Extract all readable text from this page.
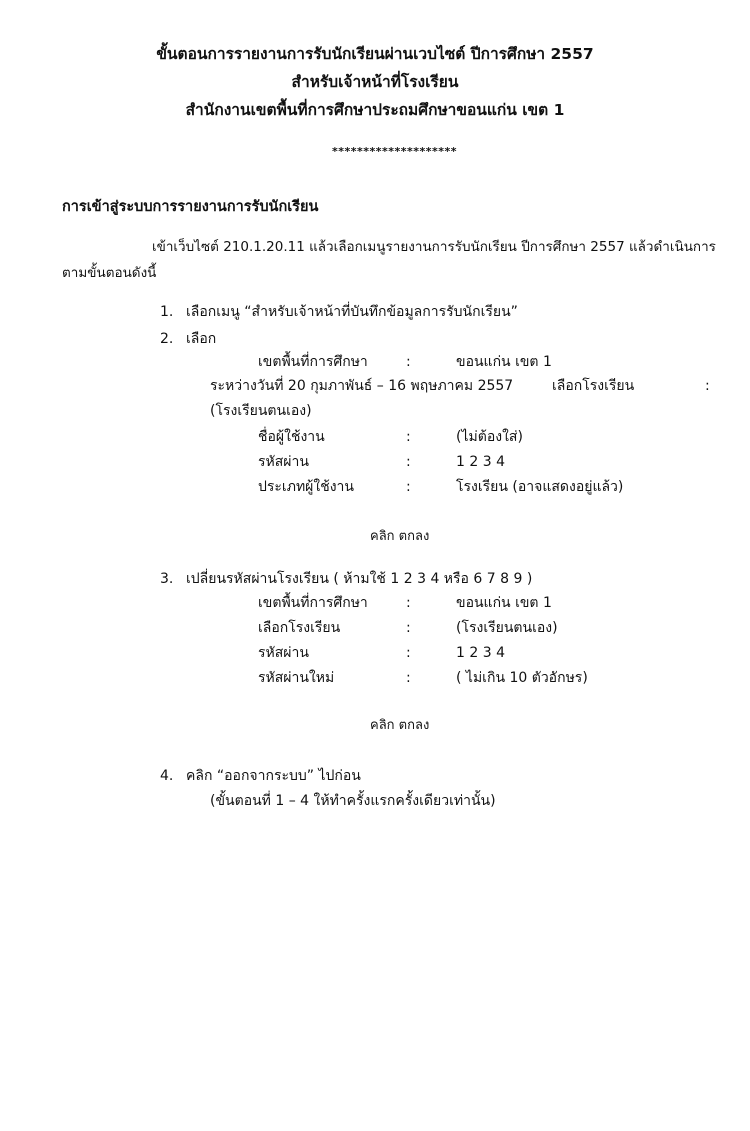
ขั้นตอนการรายงานการรับนักเรียนผ่านเวบไซต์ ปีการศึกษา 2557
สำหรับเจ้าหน้าที่โรงเรียน
สำนักงานเขตพื้นที่การศึกษาประถมศึกษาขอนแก่น เขต 1
********************
การเข้าสู่ระบบการรายงานการรับนักเรียน
เข้าเว็บไซต์ 210.1.20.11 แล้วเลือกเมนูรายงานการรับนักเรียน ปีการศึกษา 2557 แล้วดำเนินการ
ตามขั้นตอนดังนี้
1. เลือกเมนู “สำหรับเจ้าหน้าที่บันทึกข้อมูลการรับนักเรียน”
2. เลือก
เขตพื้นที่การศึกษา	:	ขอนแก่น เขต 1
ระหว่างวันที่ 20 กุมภาพันธ์ – 16 พฤษภาคม 2557	เลือกโรงเรียน	:
(โรงเรียนตนเอง)
ชื่อผู้ใช้งาน	:	(ไม่ต้องใส่)
รหัสผ่าน	:	1 2 3 4
ประเภทผู้ใช้งาน	:	โรงเรียน (อาจแสดงอยู่แล้ว)
คลิก ตกลง
3. เปลี่ยนรหัสผ่านโรงเรียน ( ห้ามใช้ 1 2 3 4 หรือ 6 7 8 9 )
เขตพื้นที่การศึกษา	:	ขอนแก่น เขต 1
เลือกโรงเรียน	:	(โรงเรียนตนเอง)
รหัสผ่าน	:	1 2 3 4
รหัสผ่านใหม่	:	( ไม่เกิน 10 ตัวอักษร)
คลิก ตกลง
4. คลิก “ออกจากระบบ” ไปก่อน
(ขั้นตอนที่ 1 – 4 ให้ทำครั้งแรกครั้งเดียวเท่านั้น)
